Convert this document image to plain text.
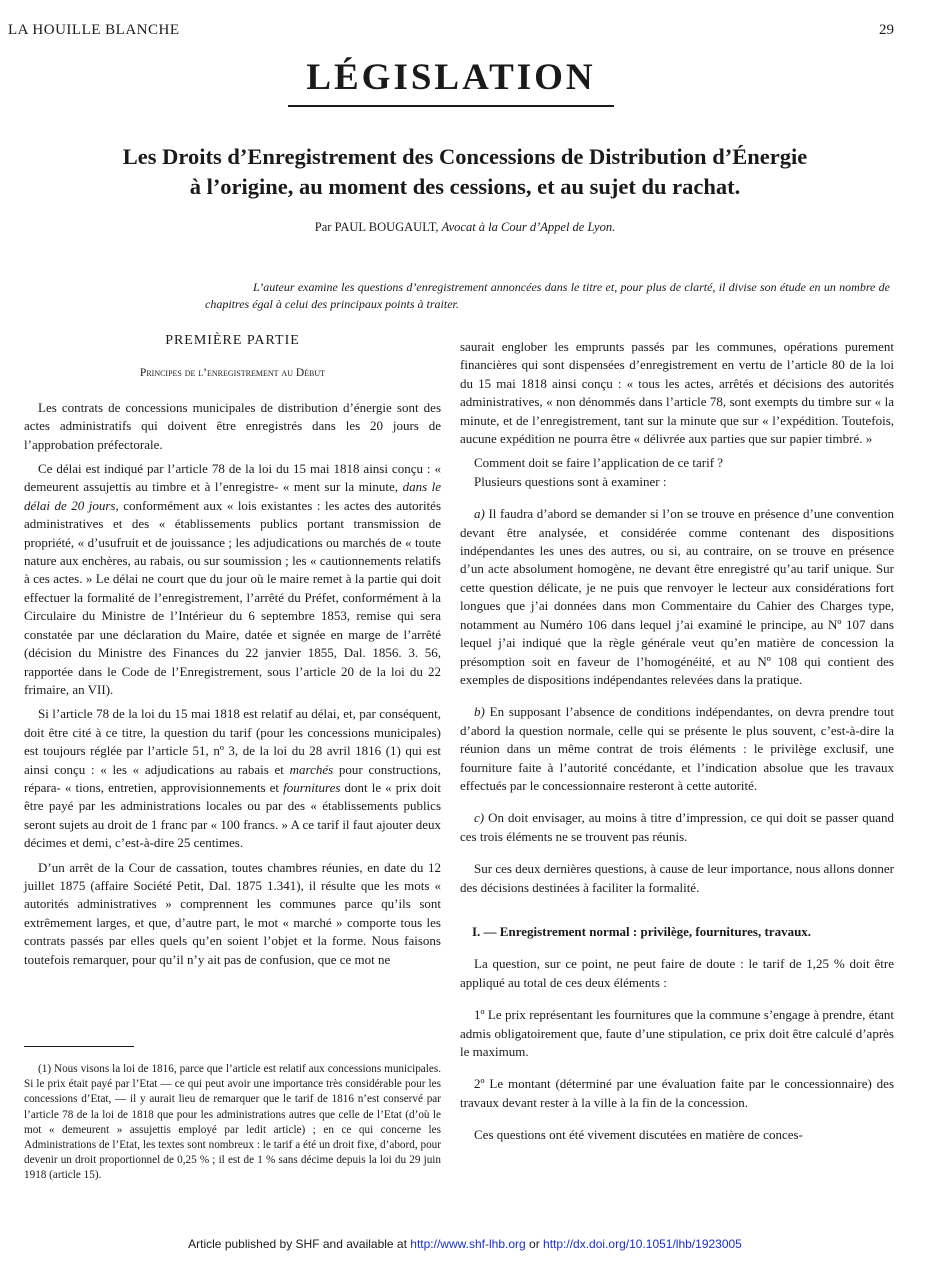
LA HOUILLE BLANCHE	29
LÉGISLATION
Les Droits d’Enregistrement des Concessions de Distribution d’Énergie
à l’origine, au moment des cessions, et au sujet du rachat.
Par PAUL BOUGAULT, Avocat à la Cour d’Appel de Lyon.
L’auteur examine les questions d’enregistrement annoncées dans le titre et, pour plus de clarté, il divise son étude en un nombre de chapitres égal à celui des principaux points à traiter.
PREMIÈRE PARTIE
Principes de l’enregistrement au Début

Les contrats de concessions municipales de distribution d’énergie sont des actes administratifs qui doivent être enregistrés dans les 20 jours de l’approbation préfectorale.

Ce délai est indiqué par l’article 78 de la loi du 15 mai 1818 ainsi conçu : « demeurent assujettis au timbre et à l’enregistre- « ment sur la minute, dans le délai de 20 jours, conformément aux « lois existantes : les actes des autorités administratives et des « établissements publics portant transmission de propriété, « d’usufruit et de jouissance ; les adjudications ou marchés de « toute nature aux enchères, au rabais, ou sur soumission ; les « cautionnements relatifs à ces actes. » Le délai ne court que du jour où le maire remet à la partie qui doit effectuer la formalité de l’enregistrement, l’arrêté du Préfet, conformément à la Circulaire du Ministre de l’Intérieur du 6 septembre 1853, remise qui sera constatée par une déclaration du Maire, datée et signée en marge de l’arrêté (décision du Ministre des Finances du 22 janvier 1855, Dal. 1856. 3. 56, rapportée dans le Code de l’Enregistrement, sous l’article 20 de la loi du 22 frimaire, an VII).

Si l’article 78 de la loi du 15 mai 1818 est relatif au délai, et, par conséquent, doit être cité à ce titre, la question du tarif (pour les concessions municipales) est toujours réglée par l’article 51, nº 3, de la loi du 28 avril 1816 (1) qui est ainsi conçu : « les « adjudications au rabais et marchés pour constructions, répara- « tions, entretien, approvisionnements et fournitures dont le « prix doit être payé par les administrations locales ou par des « établissements publics seront sujets au droit de 1 franc par « 100 francs. » A ce tarif il faut ajouter deux décimes et demi, c’est-à-dire 25 centimes.

D’un arrêt de la Cour de cassation, toutes chambres réunies, en date du 12 juillet 1875 (affaire Société Petit, Dal. 1875 1.341), il résulte que les mots « autorités administratives » comprennent les communes parce qu’ils sont extrêmement larges, et que, d’autre part, le mot « marché » comporte tous les contrats passés par elles quels qu’en soient l’objet et la forme. Nous faisons toutefois remarquer, pour qu’il n’y ait pas de confusion, que ce mot ne

(1) Nous visons la loi de 1816, parce que l’article est relatif aux concessions municipales. Si le prix était payé par l’Etat — ce qui peut avoir une importance très considérable pour les concessions d’Etat, — il y aurait lieu de remarquer que le tarif de 1816 n’est conservé par l’article 78 de la loi de 1818 que pour les administrations autres que celle de l’Etat (d’où le mot « demeurent » assujettis employé par ledit article) ; en ce qui concerne les Administrations de l’Etat, les textes sont nombreux : le tarif a été un droit fixe, d’abord, pour devenir un droit proportionnel de 0,25 % ; il est de 1 % sans décime depuis la loi du 29 juin 1918 (article 15).

saurait englober les emprunts passés par les communes, opérations purement financières qui sont dispensées d’enregistrement en vertu de l’article 80 de la loi du 15 mai 1818 ainsi conçu : « tous les actes, arrêtés et décisions des autorités administratives, « non dénommés dans l’article 78, sont exempts du timbre sur « la minute, et de l’enregistrement, tant sur la minute que sur « l’expédition. Toutefois, aucune expédition ne pourra être « délivrée aux parties que sur papier timbré. »

Comment doit se faire l’application de ce tarif ?

Plusieurs questions sont à examiner :

a) Il faudra d’abord se demander si l’on se trouve en présence d’une convention devant être analysée, et considérée comme contenant des dispositions indépendantes les unes des autres, ou si, au contraire, on se trouve en présence d’un acte absolument homogène, ne devant être enregistré qu’au tarif unique. Sur cette question délicate, je ne puis que renvoyer le lecteur aux considérations fort longues que j’ai données dans mon Commentaire du Cahier des Charges type, notamment au Numéro 106 dans lequel j’ai examiné le principe, au Nº 107 dans lequel j’ai indiqué que la règle générale veut qu’en matière de concession la présomption soit en faveur de l’homogénéité, et au Nº 108 qui contient des exemples de dispositions indépendantes relevées dans la pratique.

b) En supposant l’absence de conditions indépendantes, on devra prendre tout d’abord la question normale, celle qui se présente le plus souvent, c’est-à-dire la réunion dans un même contrat de trois éléments : le privilège exclusif, une fourniture faite à l’autorité concédante, et l’indication absolue que les travaux effectués par le concessionnaire resteront à cette autorité.

c) On doit envisager, au moins à titre d’impression, ce qui doit se passer quand ces trois éléments ne se trouvent pas réunis.

Sur ces deux dernières questions, à cause de leur importance, nous allons donner des décisions destinées à faciliter la formalité.

I. — Enregistrement normal : privilège, fournitures, travaux.

La question, sur ce point, ne peut faire de doute : le tarif de 1,25 % doit être appliqué au total de ces deux éléments :

1º Le prix représentant les fournitures que la commune s’engage à prendre, étant admis obligatoirement que, faute d’une stipulation, ce prix doit être calculé d’après le maximum.

2º Le montant (déterminé par une évaluation faite par le concessionnaire) des travaux devant rester à la ville à la fin de la concession.

Ces questions ont été vivement discutées en matière de conces-

Article published by SHF and available at http://www.shf-lhb.org or http://dx.doi.org/10.1051/lhb/1923005
